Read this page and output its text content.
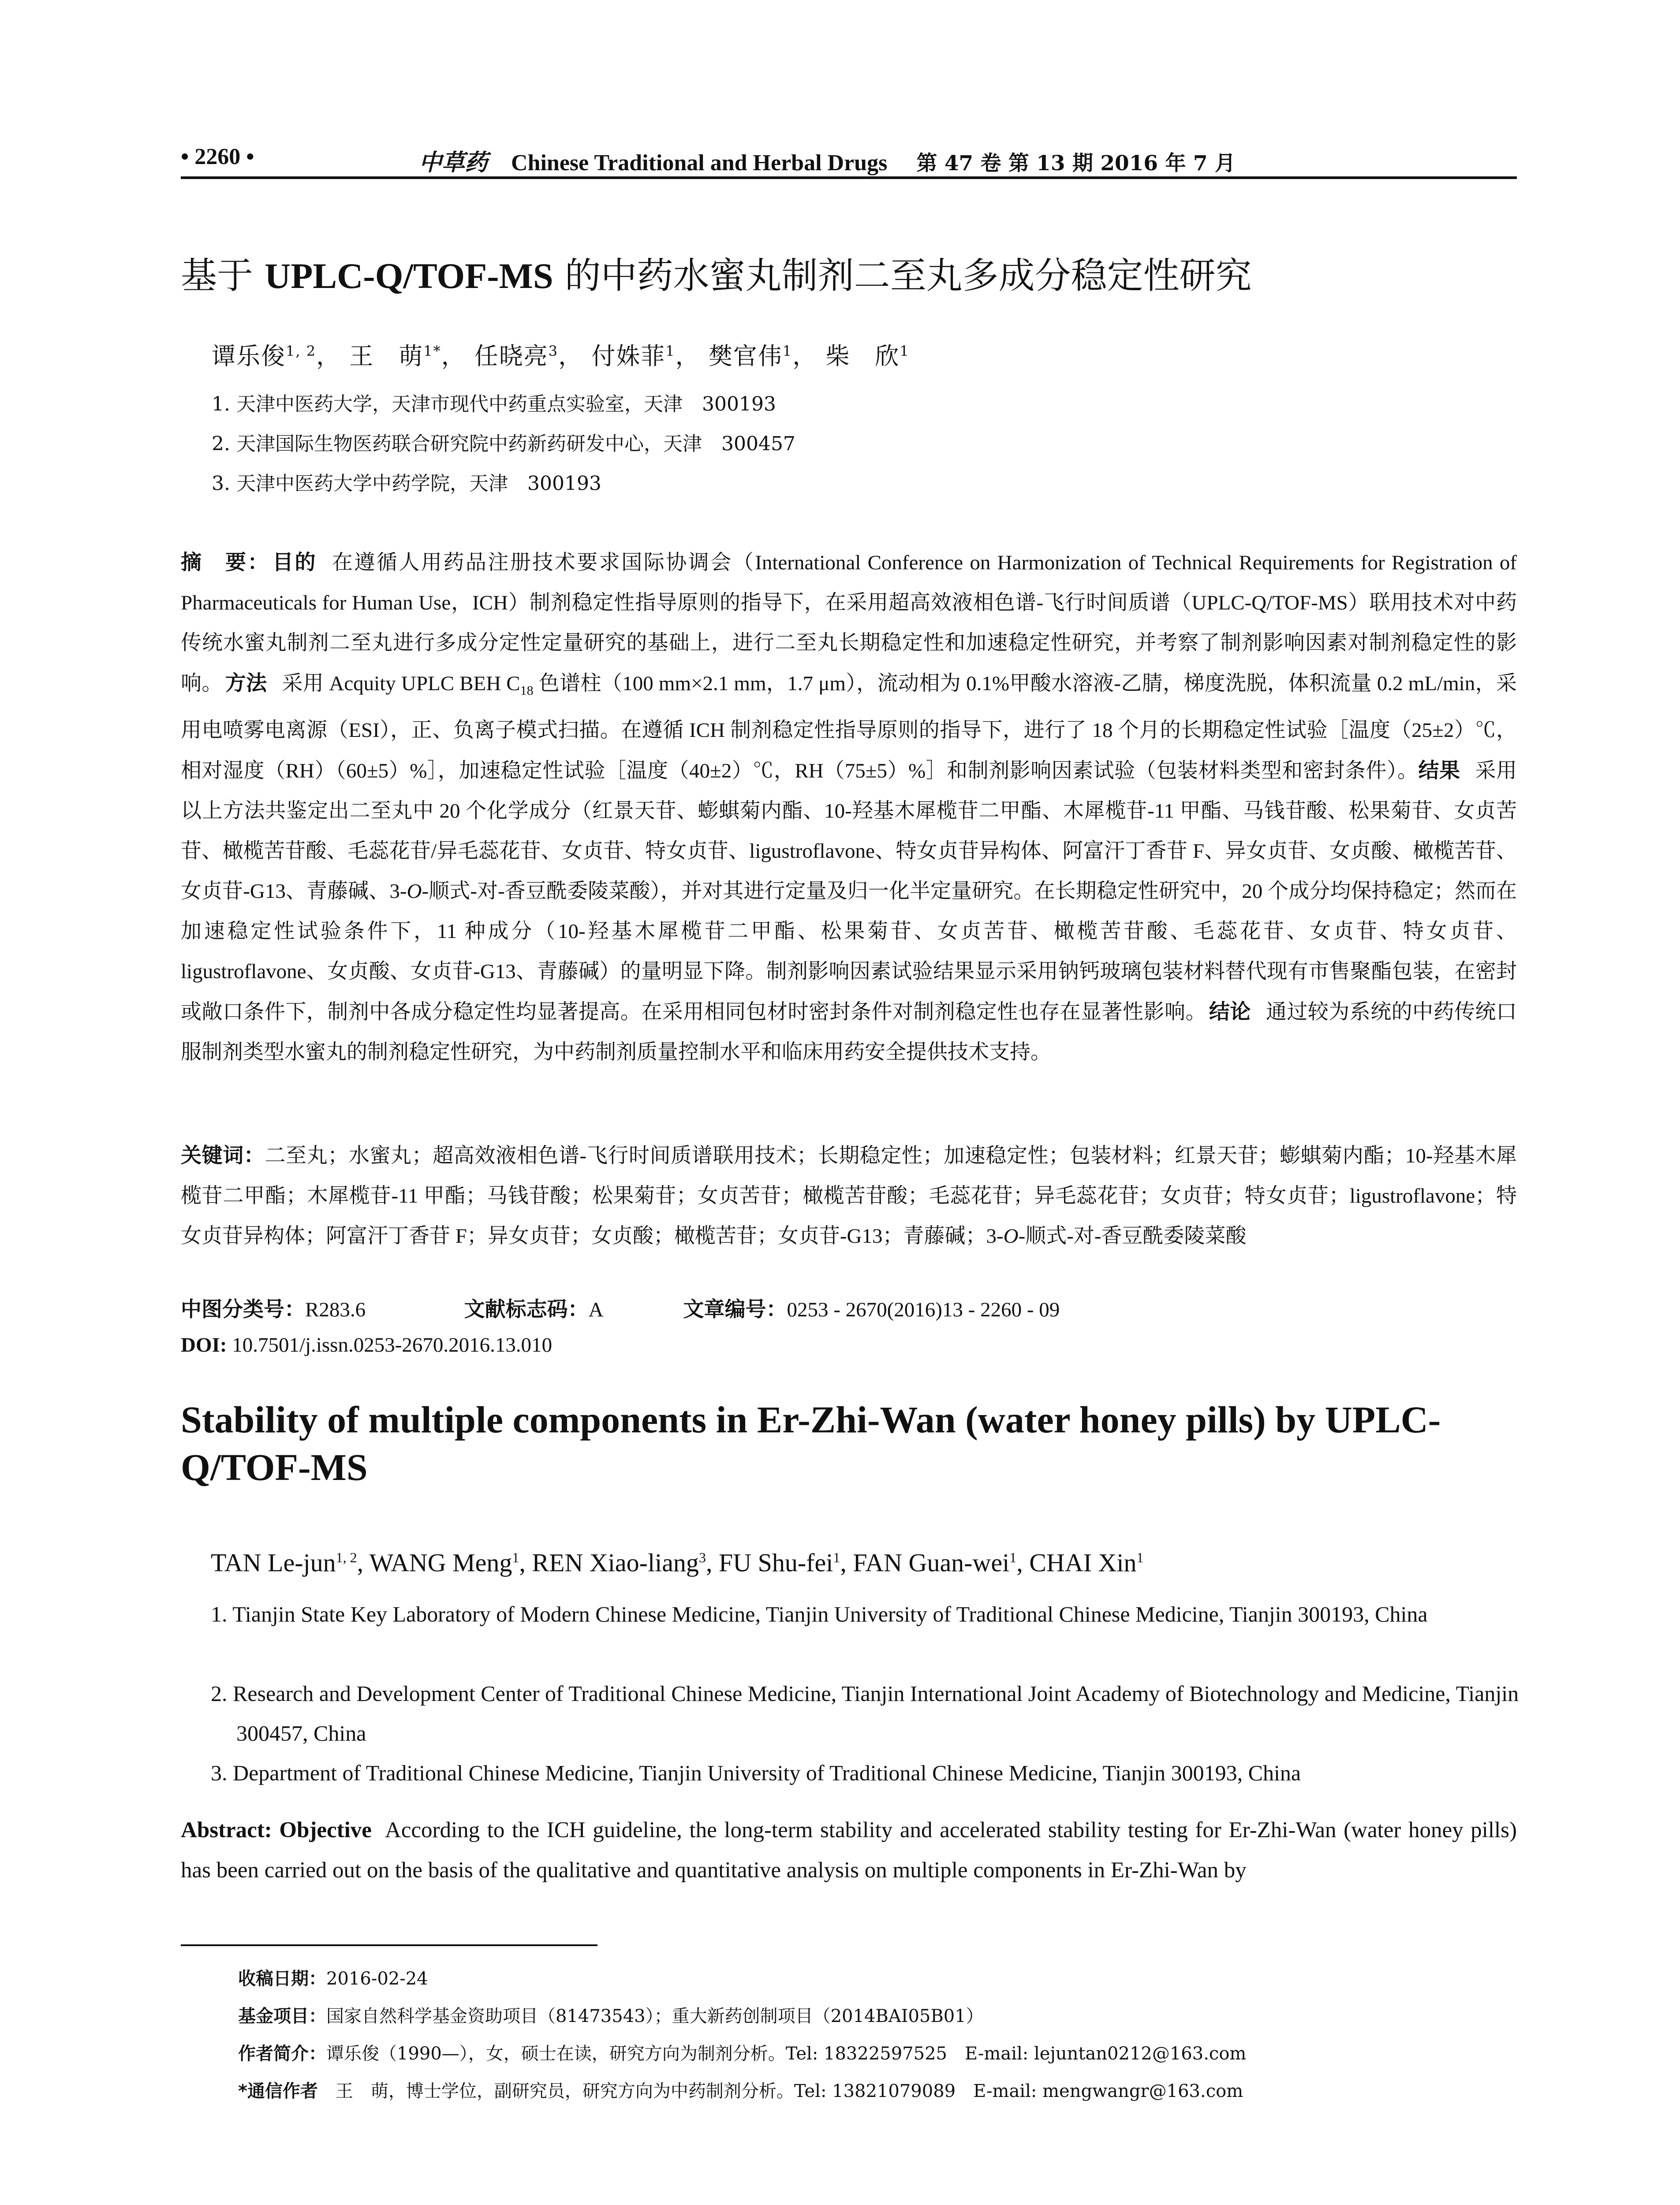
• 2260 •	中草药 Chinese Traditional and Herbal Drugs 第 47 卷 第 13 期 2016 年 7 月
基于 UPLC-Q/TOF-MS 的中药水蜜丸制剂二至丸多成分稳定性研究
谭乐俊$^{1, 2}$， 王　萌$^{1*}$， 任晓亮$^3$， 付姝菲$^1$， 樊官伟$^1$， 柴　欣$^1$
1. 天津中医药大学，天津市现代中药重点实验室，天津　300193
2. 天津国际生物医药联合研究院中药新药研发中心，天津　300457
3. 天津中医药大学中药学院，天津　300193
摘　要： 目的 在遵循人用药品注册技术要求国际协调会（International Conference on Harmonization of Technical Requirements for Registration of Pharmaceuticals for Human Use，ICH）制剂稳定性指导原则的指导下，在采用超高效液相色谱-飞行时间质谱（UPLC-Q/TOF-MS）联用技术对中药传统水蜜丸制剂二至丸进行多成分定性定量研究的基础上，进行二至丸长期稳定性和加速稳定性研究，并考察了制剂影响因素对制剂稳定性的影响。 方法 采用 Acquity UPLC BEH $C_{18}$ 色谱柱（100 mm×2.1 mm，1.7 μm），流动相为 0.1%甲酸水溶液-乙腈，梯度洗脱，体积流量 0.2 mL/min，采用电喷雾电离源（ESI），正、负离子模式扫描。在遵循 ICH 制剂稳定性指导原则的指导下，进行了 18 个月的长期稳定性试验［温度（25±2）℃，相对湿度（RH）（60±5）%］，加速稳定性试验［温度（40±2）℃，RH（75±5）%］和制剂影响因素试验（包装材料类型和密封条件）。结果 采用以上方法共鉴定出二至丸中 20 个化学成分（红景天苷、蟛蜞菊内酯、10-羟基木犀榄苷二甲酯、木犀榄苷-11 甲酯、马钱苷酸、松果菊苷、女贞苦苷、橄榄苦苷酸、毛蕊花苷/异毛蕊花苷、女贞苷、特女贞苷、ligustroflavone、特女贞苷异构体、阿富汗丁香苷 F、异女贞苷、女贞酸、橄榄苦苷、女贞苷-G13、青藤碱、3-O-顺式-对-香豆酰委陵菜酸），并对其进行定量及归一化半定量研究。在长期稳定性研究中，20 个成分均保持稳定；然而在加速稳定性试验条件下，11 种成分（10-羟基木犀榄苷二甲酯、松果菊苷、女贞苦苷、橄榄苦苷酸、毛蕊花苷、女贞苷、特女贞苷、ligustroflavone、女贞酸、女贞苷-G13、青藤碱）的量明显下降。制剂影响因素试验结果显示采用钠钙玻璃包装材料替代现有市售聚酯包装，在密封或敞口条件下，制剂中各成分稳定性均显著提高。在采用相同包材时密封条件对制剂稳定性也存在显著性影响。 结论 通过较为系统的中药传统口服制剂类型水蜜丸的制剂稳定性研究，为中药制剂质量控制水平和临床用药安全提供技术支持。
关键词：二至丸；水蜜丸；超高效液相色谱-飞行时间质谱联用技术；长期稳定性；加速稳定性；包装材料；红景天苷；蟛蜞菊内酯；10-羟基木犀榄苷二甲酯；木犀榄苷-11 甲酯；马钱苷酸；松果菊苷；女贞苦苷；橄榄苦苷酸；毛蕊花苷；异毛蕊花苷；女贞苷；特女贞苷；ligustroflavone；特女贞苷异构体；阿富汗丁香苷 F；异女贞苷；女贞酸；橄榄苦苷；女贞苷-G13；青藤碱；3-O-顺式-对-香豆酰委陵菜酸
中图分类号：R283.6	文献标志码：A	文章编号：0253 - 2670(2016)13 - 2260 - 09
DOI: 10.7501/j.issn.0253-2670.2016.13.010
Stability of multiple components in Er-Zhi-Wan (water honey pills) by UPLC-Q/TOF-MS
TAN Le-jun$^{1, 2}$, WANG Meng$^1$, REN Xiao-liang$^3$, FU Shu-fei$^1$, FAN Guan-wei$^1$, CHAI Xin$^1$
1. Tianjin State Key Laboratory of Modern Chinese Medicine, Tianjin University of Traditional Chinese Medicine, Tianjin 300193, China
2. Research and Development Center of Traditional Chinese Medicine, Tianjin International Joint Academy of Biotechnology and Medicine, Tianjin 300457, China
3. Department of Traditional Chinese Medicine, Tianjin University of Traditional Chinese Medicine, Tianjin 300193, China
Abstract: Objective According to the ICH guideline, the long-term stability and accelerated stability testing for Er-Zhi-Wan (water honey pills) has been carried out on the basis of the qualitative and quantitative analysis on multiple components in Er-Zhi-Wan by
收稿日期：2016-02-24
基金项目：国家自然科学基金资助项目（81473543）；重大新药创制项目（2014BAI05B01）
作者简介：谭乐俊（1990—），女，硕士在读，研究方向为制剂分析。Tel: 18322597525　E-mail: lejuntan0212@163.com
*通信作者　王　萌，博士学位，副研究员，研究方向为中药制剂分析。Tel: 13821079089　E-mail: mengwangr@163.com
